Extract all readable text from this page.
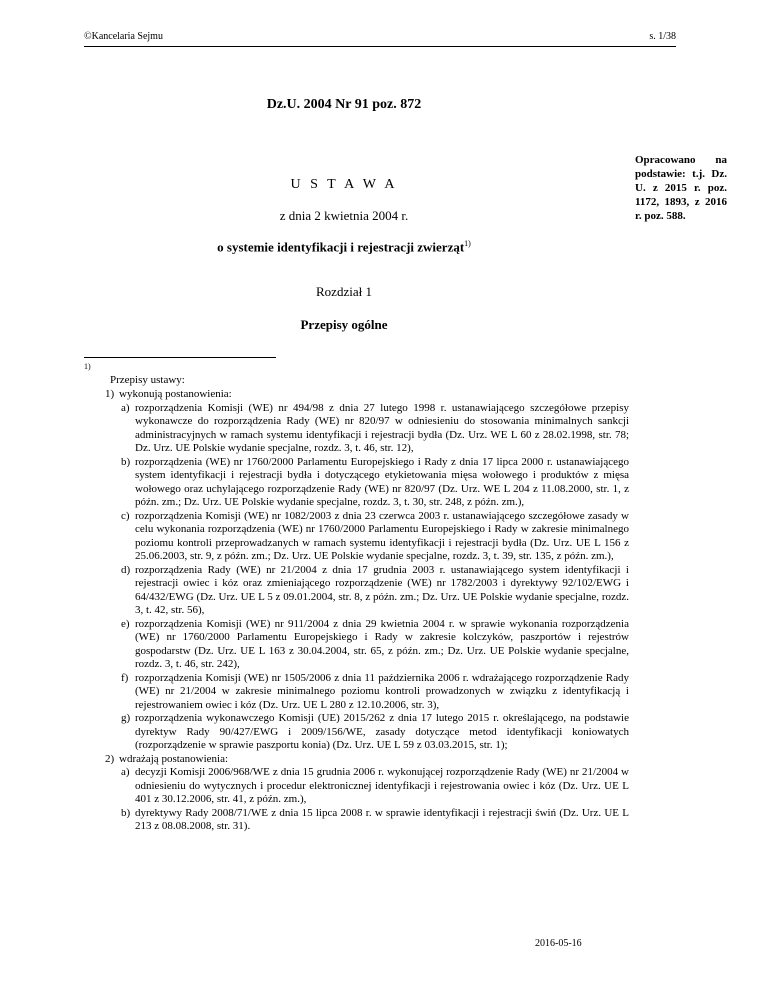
©Kancelaria Sejmu	s. 1/38
Dz.U. 2004 Nr 91 poz. 872
U S T A W A
z dnia 2 kwietnia 2004 r.
o systemie identyfikacji i rejestracji zwierząt$^{1)}$
Rozdział 1
Przepisy ogólne
Opracowano na podstawie: t.j. Dz. U. z 2015 r. poz. 1172, 1893, z 2016 r. poz. 588.
1)
Przepisy ustawy:
1) wykonują postanowienia:
a) rozporządzenia Komisji (WE) nr 494/98 z dnia 27 lutego 1998 r. ustanawiającego szczegółowe przepisy wykonawcze do rozporządzenia Rady (WE) nr 820/97 w odniesieniu do stosowania minimalnych sankcji administracyjnych w ramach systemu identyfikacji i rejestracji bydła (Dz. Urz. WE L 60 z 28.02.1998, str. 78; Dz. Urz. UE Polskie wydanie specjalne, rozdz. 3, t. 46, str. 12),
b) rozporządzenia (WE) nr 1760/2000 Parlamentu Europejskiego i Rady z dnia 17 lipca 2000 r. ustanawiającego system identyfikacji i rejestracji bydła i dotyczącego etykietowania mięsa wołowego i produktów z mięsa wołowego oraz uchylającego rozporządzenie Rady (WE) nr 820/97 (Dz. Urz. WE L 204 z 11.08.2000, str. 1, z późn. zm.; Dz. Urz. UE Polskie wydanie specjalne, rozdz. 3, t. 30, str. 248, z późn. zm.),
c) rozporządzenia Komisji (WE) nr 1082/2003 z dnia 23 czerwca 2003 r. ustanawiającego szczegółowe zasady w celu wykonania rozporządzenia (WE) nr 1760/2000 Parlamentu Europejskiego i Rady w zakresie minimalnego poziomu kontroli przeprowadzanych w ramach systemu identyfikacji i rejestracji bydła (Dz. Urz. UE L 156 z 25.06.2003, str. 9, z późn. zm.; Dz. Urz. UE Polskie wydanie specjalne, rozdz. 3, t. 39, str. 135, z późn. zm.),
d) rozporządzenia Rady (WE) nr 21/2004 z dnia 17 grudnia 2003 r. ustanawiającego system identyfikacji i rejestracji owiec i kóz oraz zmieniającego rozporządzenie (WE) nr 1782/2003 i dyrektywy 92/102/EWG i 64/432/EWG (Dz. Urz. UE L 5 z 09.01.2004, str. 8, z późn. zm.; Dz. Urz. UE Polskie wydanie specjalne, rozdz. 3, t. 42, str. 56),
e) rozporządzenia Komisji (WE) nr 911/2004 z dnia 29 kwietnia 2004 r. w sprawie wykonania rozporządzenia (WE) nr 1760/2000 Parlamentu Europejskiego i Rady w zakresie kolczyków, paszportów i rejestrów gospodarstw (Dz. Urz. UE L 163 z 30.04.2004, str. 65, z późn. zm.; Dz. Urz. UE Polskie wydanie specjalne, rozdz. 3, t. 46, str. 242),
f) rozporządzenia Komisji (WE) nr 1505/2006 z dnia 11 października 2006 r. wdrażającego rozporządzenie Rady (WE) nr 21/2004 w zakresie minimalnego poziomu kontroli prowadzonych w związku z identyfikacją i rejestrowaniem owiec i kóz (Dz. Urz. UE L 280 z 12.10.2006, str. 3),
g) rozporządzenia wykonawczego Komisji (UE) 2015/262 z dnia 17 lutego 2015 r. określającego, na podstawie dyrektyw Rady 90/427/EWG i 2009/156/WE, zasady dotyczące metod identyfikacji koniowatych (rozporządzenie w sprawie paszportu konia) (Dz. Urz. UE L 59 z 03.03.2015, str. 1);
2) wdrażają postanowienia:
a) decyzji Komisji 2006/968/WE z dnia 15 grudnia 2006 r. wykonującej rozporządzenie Rady (WE) nr 21/2004 w odniesieniu do wytycznych i procedur elektronicznej identyfikacji i rejestrowania owiec i kóz (Dz. Urz. UE L 401 z 30.12.2006, str. 41, z późn. zm.),
b) dyrektywy Rady 2008/71/WE z dnia 15 lipca 2008 r. w sprawie identyfikacji i rejestracji świń (Dz. Urz. UE L 213 z 08.08.2008, str. 31).
2016-05-16
